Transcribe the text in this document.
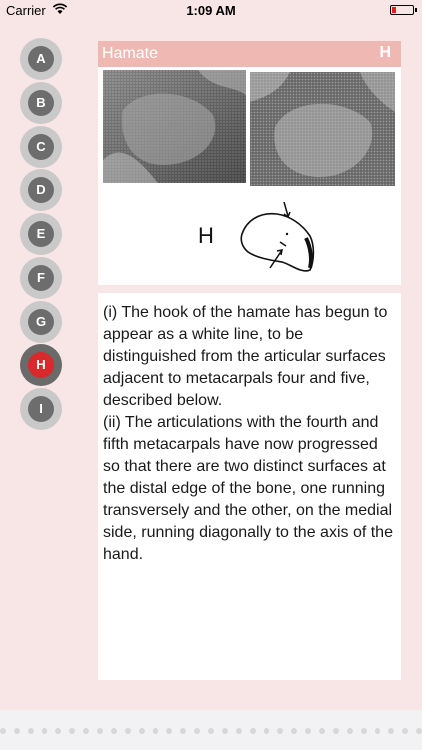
Carrier	1:09 AM
A
B
C
D
E
F
G
H
I
Hamate	H
H
(i) The hook of the hamate has begun to appear as a white line, to be distinguished from the articular surfaces adjacent to metacarpals four and five, described below.
(ii) The articulations with the fourth and fifth metacarpals have now progressed so that there are two distinct surfaces at the distal edge of the bone, one running transversely and the other, on the medial side, running diagonally to the axis of the hand.
